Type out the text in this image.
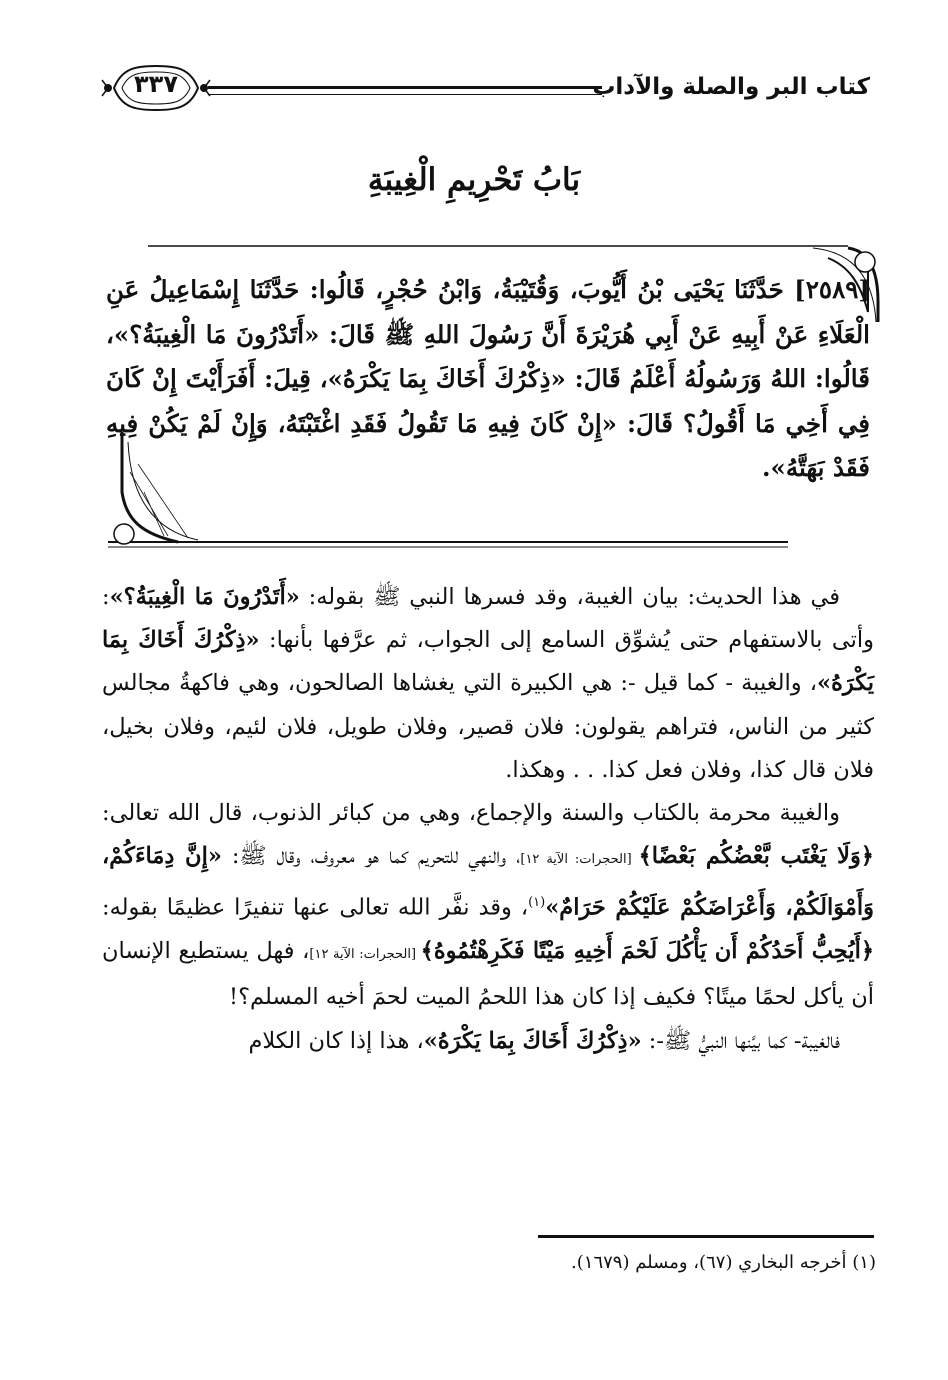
كتاب البر والصلة والآداب
٣٣٧
بَابُ تَحْرِيمِ الْغِيبَةِ
[٢٥٨٩] حَدَّثَنَا يَحْيَى بْنُ أَيُّوبَ، وَقُتَيْبَةُ، وَابْنُ حُجْرٍ، قَالُوا: حَدَّثَنَا إِسْمَاعِيلُ عَنِ الْعَلَاءِ عَنْ أَبِيهِ عَنْ أَبِي هُرَيْرَةَ أَنَّ رَسُولَ اللهِ ﷺ قَالَ: «أَتَدْرُونَ مَا الْغِيبَةُ؟»، قَالُوا: اللهُ وَرَسُولُهُ أَعْلَمُ قَالَ: «ذِكْرُكَ أَخَاكَ بِمَا يَكْرَهُ»، قِيلَ: أَفَرَأَيْتَ إِنْ كَانَ فِي أَخِي مَا أَقُولُ؟ قَالَ: «إِنْ كَانَ فِيهِ مَا تَقُولُ فَقَدِ اغْتَبْتَهُ، وَإِنْ لَمْ يَكُنْ فِيهِ فَقَدْ بَهَتَّهُ».

في هذا الحديث: بيان الغيبة، وقد فسرها النبي ﷺ بقوله: «أَتَدْرُونَ مَا الْغِيبَةُ؟»: وأتى بالاستفهام حتى يُشوِّق السامع إلى الجواب، ثم عرَّفها بأنها: «ذِكْرُكَ أَخَاكَ بِمَا يَكْرَهُ»، والغيبة - كما قيل -: هي الكبيرة التي يغشاها الصالحون، وهي فاكهةُ مجالس كثير من الناس، فتراهم يقولون: فلان قصير، وفلان طويل، فلان لئيم، وفلان بخيل، فلان قال كذا، وفلان فعل كذا. . . وهكذا.

والغيبة محرمة بالكتاب والسنة والإجماع، وهي من كبائر الذنوب، قال الله تعالى: ﴿وَلَا يَغْتَب بَّعْضُكُم بَعْضًا﴾ [الحجرات: الآية ١٢]، والنهي للتحريم كما هو معروف، وقال ﷺ: «إِنَّ دِمَاءَكُمْ، وَأَمْوَالَكُمْ، وَأَعْرَاضَكُمْ عَلَيْكُمْ حَرَامٌ»$^{(١)}$، وقد نفَّر الله تعالى عنها تنفيرًا عظيمًا بقوله: ﴿أَيُحِبُّ أَحَدُكُمْ أَن يَأْكُلَ لَحْمَ أَخِيهِ مَيْتًا فَكَرِهْتُمُوهُ﴾ [الحجرات: الآية ١٢]، فهل يستطيع الإنسان أن يأكل لحمًا ميتًا؟ فكيف إذا كان هذا اللحمُ الميت لحمَ أخيه المسلم؟!

فالغيبة- كما بيَّنها النبيُّ ﷺ-: «ذِكْرُكَ أَخَاكَ بِمَا يَكْرَهُ»، هذا إذا كان الكلام

(١) أخرجه البخاري (٦٧)، ومسلم (١٦٧٩).
